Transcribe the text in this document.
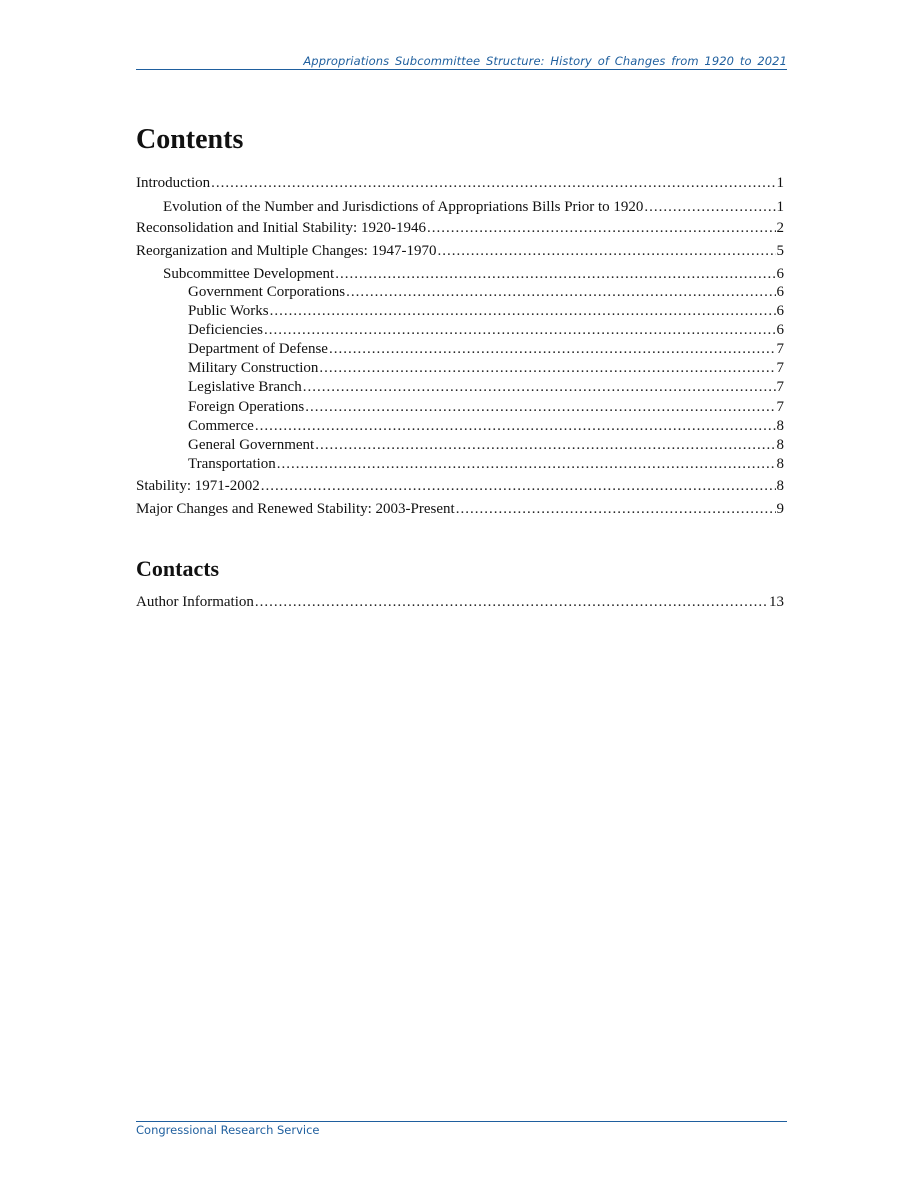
Appropriations Subcommittee Structure: History of Changes from 1920 to 2021
Contents
Introduction .....	1
Evolution of the Number and Jurisdictions of Appropriations Bills Prior to 1920 .....	1
Reconsolidation and Initial Stability: 1920-1946 .....	2
Reorganization and Multiple Changes: 1947-1970 .....	5
Subcommittee Development .....	6
Government Corporations .....	6
Public Works .....	6
Deficiencies .....	6
Department of Defense .....	7
Military Construction .....	7
Legislative Branch .....	7
Foreign Operations .....	7
Commerce .....	8
General Government .....	8
Transportation .....	8
Stability: 1971-2002 .....	8
Major Changes and Renewed Stability: 2003-Present .....	9
Contacts
Author Information .....	13
Congressional Research Service
